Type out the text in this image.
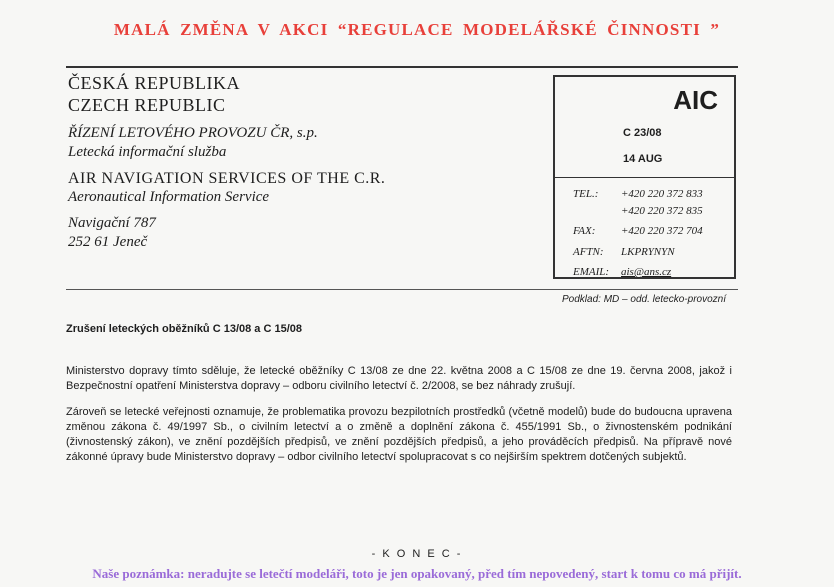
MALÁ ZMĚNA V AKCI “REGULACE MODELÁŘSKÉ ČINNOSTI ”
ČESKÁ REPUBLIKA
CZECH REPUBLIC
ŘÍZENÍ LETOVÉHO PROVOZU ČR, s.p.
Letecká informační služba
AIR NAVIGATION SERVICES OF THE C.R.
Aeronautical Information Service
Navigační 787
252 61 Jeneč
AIC
C 23/08
14 AUG
TEL.: +420 220 372 833
+420 220 372 835
FAX: +420 220 372 704
AFTN: LKPRYNYN
EMAIL: ais@ans.cz
Podklad: MD – odd. letecko-provozní
Zrušení leteckých oběžníků C 13/08 a C 15/08

Ministerstvo dopravy tímto sděluje, že letecké oběžníky C 13/08 ze dne 22. května 2008 a C 15/08 ze dne 19. června 2008, jakož i Bezpečnostní opatření Ministerstva dopravy – odboru civilního letectví č. 2/2008, se bez náhrady zrušují.

Zároveň se letecké veřejnosti oznamuje, že problematika provozu bezpilotních prostředků (včetně modelů) bude do budoucna upravena změnou zákona č. 49/1997 Sb., o civilním letectví a o změně a doplnění zákona č. 455/1991 Sb., o živnostenském podnikání (živnostenský zákon), ve znění pozdějších předpisů, ve znění pozdějších předpisů, a jeho prováděcích předpisů. Na přípravě nové zákonné úpravy bude Ministerstvo dopravy – odbor civilního letectví spolupracovat s co nejširším spektrem dotčených subjektů.

- K O N E C -
Naše poznámka: neradujte se letečtí modeláři, toto je jen opakovaný, před tím nepovedený, start k tomu co má přijít.
